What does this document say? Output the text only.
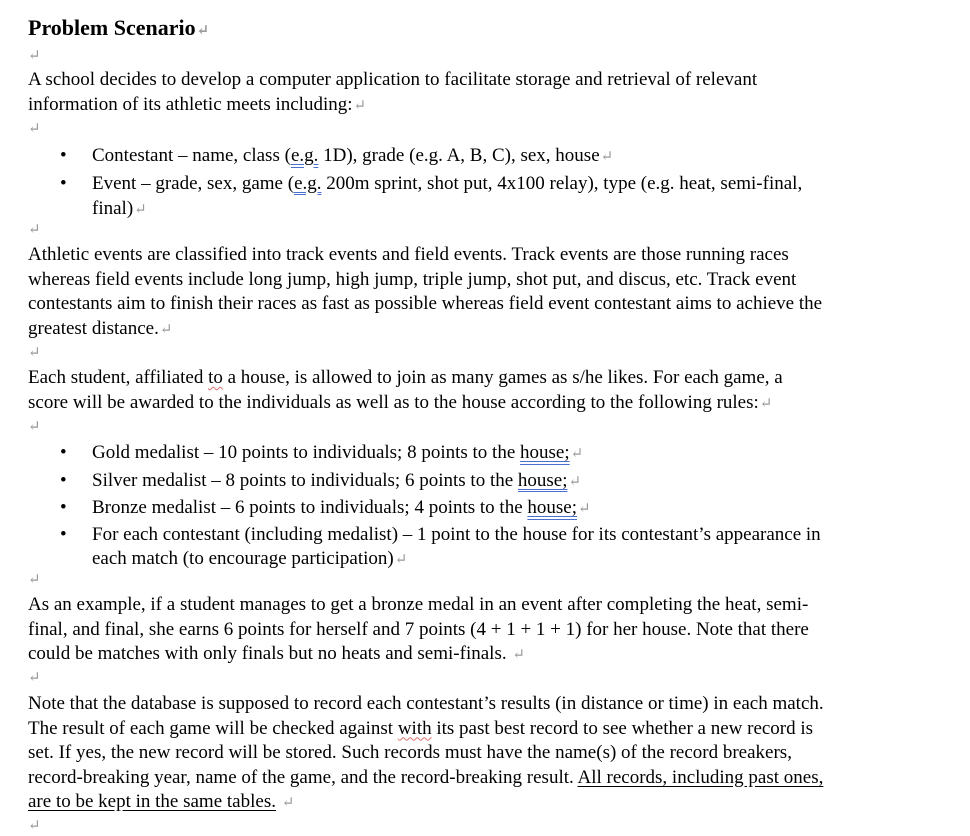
Problem Scenario↵
↵

A school decides to develop a computer application to facilitate storage and retrieval of relevant
information of its athletic meets including:↵

↵
• Contestant – name, class (e.g. 1D), grade (e.g. A, B, C), sex, house↵
• Event – grade, sex, game (e.g. 200m sprint, shot put, 4x100 relay), type (e.g. heat, semi-final,
final)↵
↵

Athletic events are classified into track events and field events. Track events are those running races
whereas field events include long jump, high jump, triple jump, shot put, and discus, etc. Track event
contestants aim to finish their races as fast as possible whereas field event contestant aims to achieve the
greatest distance.↵

↵

Each student, affiliated to a house, is allowed to join as many games as s/he likes. For each game, a
score will be awarded to the individuals as well as to the house according to the following rules:↵

↵
• Gold medalist – 10 points to individuals; 8 points to the house;↵
• Silver medalist – 8 points to individuals; 6 points to the house;↵
• Bronze medalist – 6 points to individuals; 4 points to the house;↵
• For each contestant (including medalist) – 1 point to the house for its contestant’s appearance in
each match (to encourage participation)↵
↵

As an example, if a student manages to get a bronze medal in an event after completing the heat, semi-
final, and final, she earns 6 points for herself and 7 points (4 + 1 + 1 + 1) for her house. Note that there
could be matches with only finals but no heats and semi-finals. ↵

↵

Note that the database is supposed to record each contestant’s results (in distance or time) in each match.
The result of each game will be checked against with its past best record to see whether a new record is
set. If yes, the new record will be stored. Such records must have the name(s) of the record breakers,
record-breaking year, name of the game, and the record-breaking result. All records, including past ones,
are to be kept in the same tables. ↵

↵
